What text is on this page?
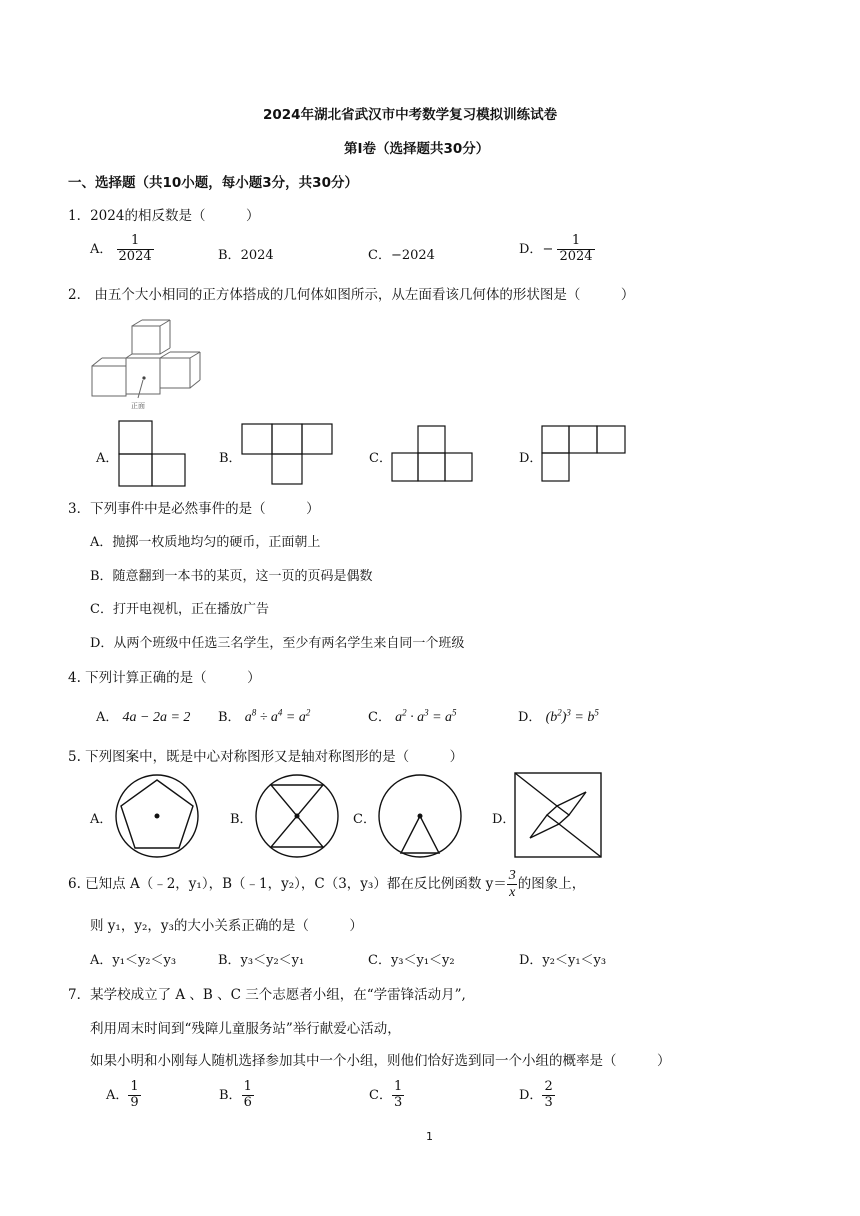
2024年湖北省武汉市中考数学复习模拟训练试卷
第Ⅰ卷（选择题共30分）
一、选择题（共10小题，每小题3分，共30分）
1．2024的相反数是（　　　）
A． $\frac{1}{2024}$	B．2024	C．−2024	D．− $\frac{1}{2024}$
2． 由五个大小相同的正方体搭成的几何体如图所示，从左面看该几何体的形状图是（　　　）
正面
A．	B．	C．	D．
3．下列事件中是必然事件的是（　　　）
A．抛掷一枚质地均匀的硬币，正面朝上
B．随意翻到一本书的某页，这一页的页码是偶数
C．打开电视机，正在播放广告
D．从两个班级中任选三名学生，至少有两名学生来自同一个班级
4. 下列计算正确的是（　　　）
A． 4a − 2a = 2 B． $a^8 \div a^4 = a^2$	C． $a^2 \cdot a^3 = a^5$	D． $(b^2)^3 = b^5$
5. 下列图案中，既是中心对称图形又是轴对称图形的是（　　　）
A．	B．	C．	D．
6. 已知点 A（﹣2，y₁），B（﹣1，y₂），C（3，y₃）都在反比例函数 $y= \frac{3}{x}$ 的图象上，
则 y₁，y₂，y₃的大小关系正确的是（　　　）
A．y₁＜y₂＜y₃	B．y₃＜y₂＜y₁	C．y₃＜y₁＜y₂	D．y₂＜y₁＜y₃
7．某学校成立了 A 、B 、C 三个志愿者小组，在“学雷锋活动月”,
利用周末时间到“残障儿童服务站”举行献爱心活动，
如果小明和小刚每人随机选择参加其中一个小组，则他们恰好选到同一个小组的概率是（　　　）
A． $\frac{1}{9}$	B． $\frac{1}{6}$	C． $\frac{1}{3}$	D． $\frac{2}{3}$
1
